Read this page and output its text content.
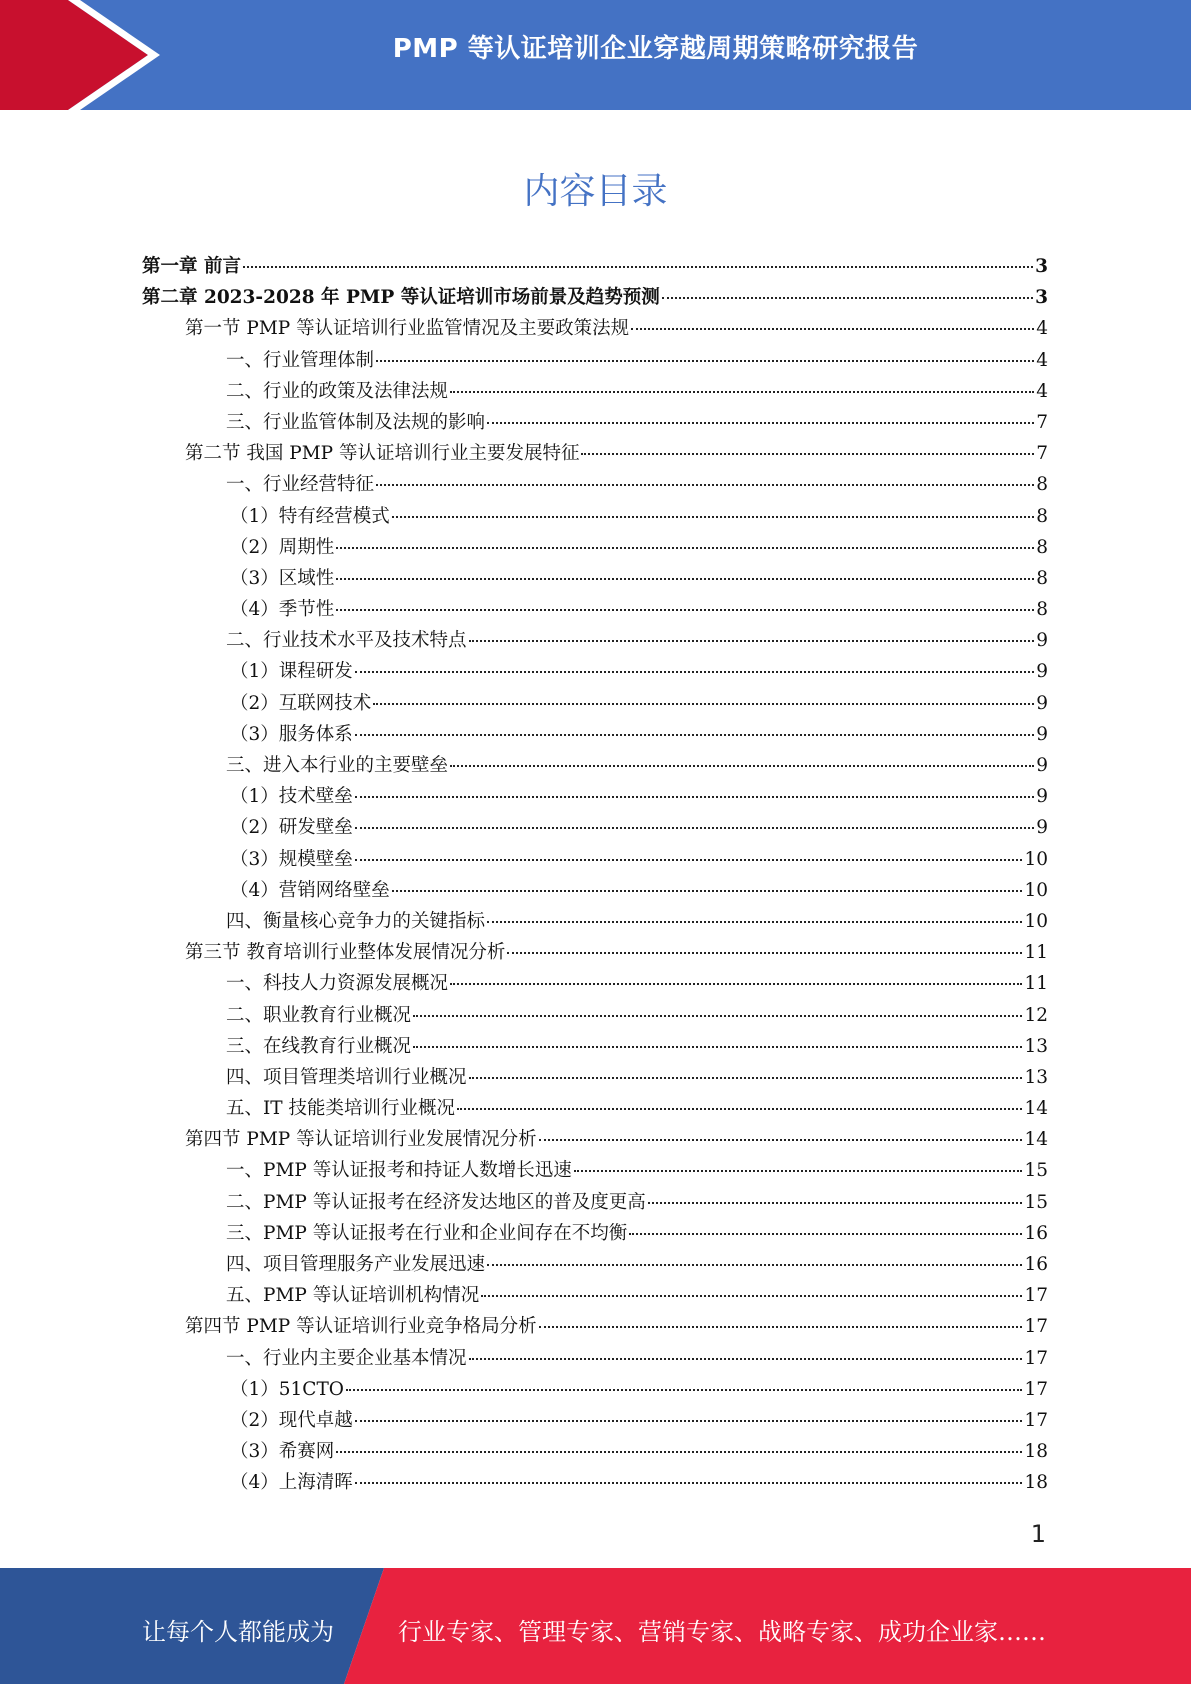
PMP 等认证培训企业穿越周期策略研究报告
内容目录
第一章 前言	3
第二章 2023-2028 年 PMP 等认证培训市场前景及趋势预测	3
第一节 PMP 等认证培训行业监管情况及主要政策法规	4
一、行业管理体制	4
二、行业的政策及法律法规	4
三、行业监管体制及法规的影响	7
第二节 我国 PMP 等认证培训行业主要发展特征	7
一、行业经营特征	8
（1）特有经营模式	8
（2）周期性	8
（3）区域性	8
（4）季节性	8
二、行业技术水平及技术特点	9
（1）课程研发	9
（2）互联网技术	9
（3）服务体系	9
三、进入本行业的主要壁垒	9
（1）技术壁垒	9
（2）研发壁垒	9
（3）规模壁垒	10
（4）营销网络壁垒	10
四、衡量核心竞争力的关键指标	10
第三节 教育培训行业整体发展情况分析	11
一、科技人力资源发展概况	11
二、职业教育行业概况	12
三、在线教育行业概况	13
四、项目管理类培训行业概况	13
五、IT 技能类培训行业概况	14
第四节 PMP 等认证培训行业发展情况分析	14
一、PMP 等认证报考和持证人数增长迅速	15
二、PMP 等认证报考在经济发达地区的普及度更高	15
三、PMP 等认证报考在行业和企业间存在不均衡	16
四、项目管理服务产业发展迅速	16
五、PMP 等认证培训机构情况	17
第四节 PMP 等认证培训行业竞争格局分析	17
一、行业内主要企业基本情况	17
（1）51CTO	17
（2）现代卓越	17
（3）希赛网	18
（4）上海清晖	18
1
让每个人都能成为	行业专家、管理专家、营销专家、战略专家、成功企业家……
